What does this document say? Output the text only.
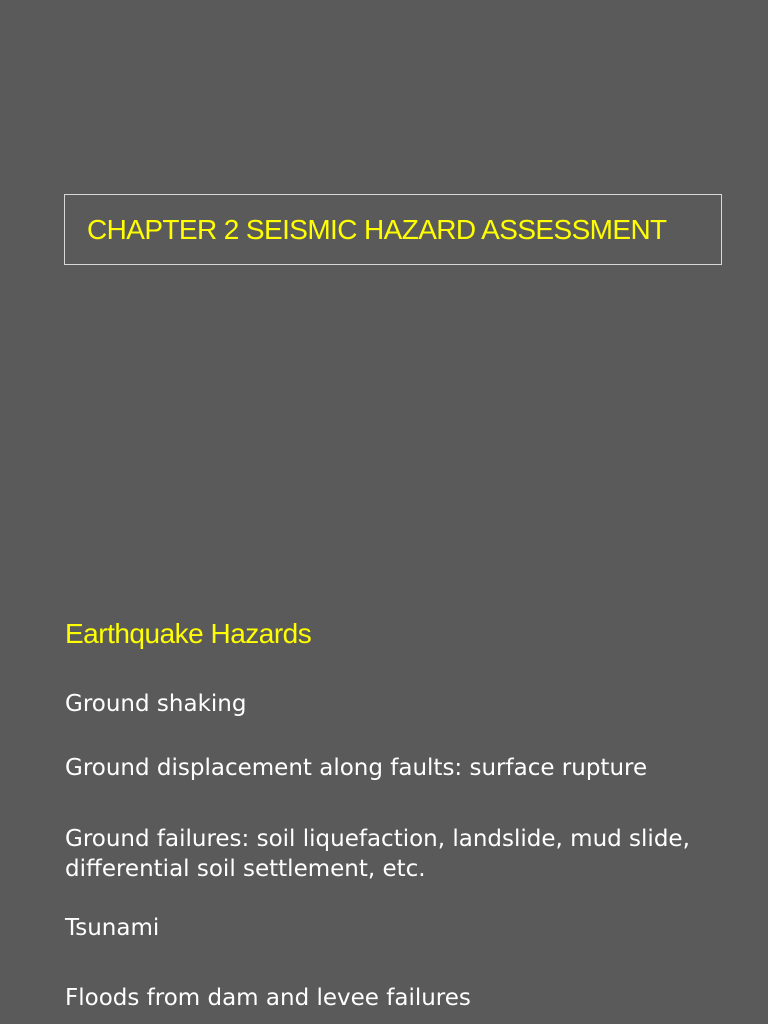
CHAPTER 2 SEISMIC HAZARD ASSESSMENT
Earthquake Hazards
Ground shaking
Ground displacement along faults: surface rupture
Ground failures: soil liquefaction, landslide, mud slide, differential soil settlement, etc.
Tsunami
Floods from dam and levee failures
